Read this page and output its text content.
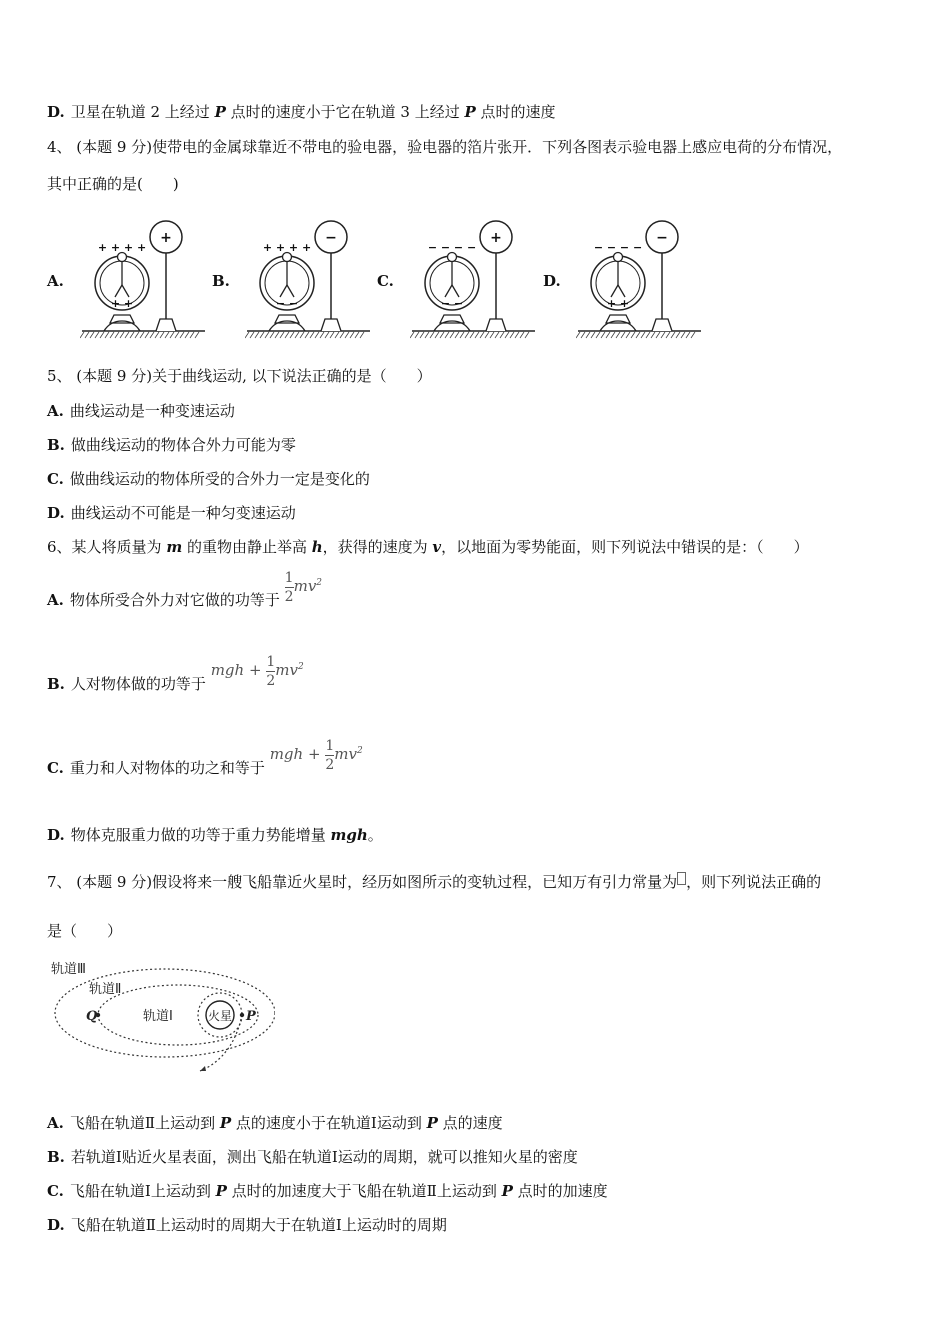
D. 卫星在轨道 2 上经过 P 点时的速度小于它在轨道 3 上经过 P 点时的速度
4、 (本题 9 分)使带电的金属球靠近不带电的验电器，验电器的箔片张开．下列各图表示验电器上感应电荷的分布情况，
其中正确的是(　　)
A.
+
+ + + +
+ +
B.
−
+ + + +
− −
C.
+
− − − −
− −
D.
−
− − − −
+ +
5、 (本题 9 分)关于曲线运动, 以下说法正确的是（　　）
A. 曲线运动是一种变速运动
B. 做曲线运动的物体合外力可能为零
C. 做曲线运动的物体所受的合外力一定是变化的
D. 曲线运动不可能是一种匀变速运动
6、某人将质量为 m 的重物由静止举高 h，获得的速度为 v，以地面为零势能面，则下列说法中错误的是：（　　）
A. 物体所受合外力对它做的功等于 $\frac{1}{2} mv^2$
B. 人对物体做的功等于 mgh + $\frac{1}{2} mv^2$
C. 重力和人对物体的功之和等于 mgh + $\frac{1}{2} mv^2$
D. 物体克服重力做的功等于重力势能增量 mgh。
7、 (本题 9 分)假设将来一艘飞船靠近火星时，经历如图所示的变轨过程，已知万有引力常量为 ，则下列说法正确的
是（　　）
轨道Ⅲ
轨道Ⅱ
轨道Ⅰ	火星
Q	P
A. 飞船在轨道Ⅱ上运动到 P 点的速度小于在轨道Ⅰ运动到 P 点的速度
B. 若轨道Ⅰ贴近火星表面，测出飞船在轨道Ⅰ运动的周期，就可以推知火星的密度
C. 飞船在轨道Ⅰ上运动到 P 点时的加速度大于飞船在轨道Ⅱ上运动到 P 点时的加速度
D. 飞船在轨道Ⅱ上运动时的周期大于在轨道Ⅰ上运动时的周期
